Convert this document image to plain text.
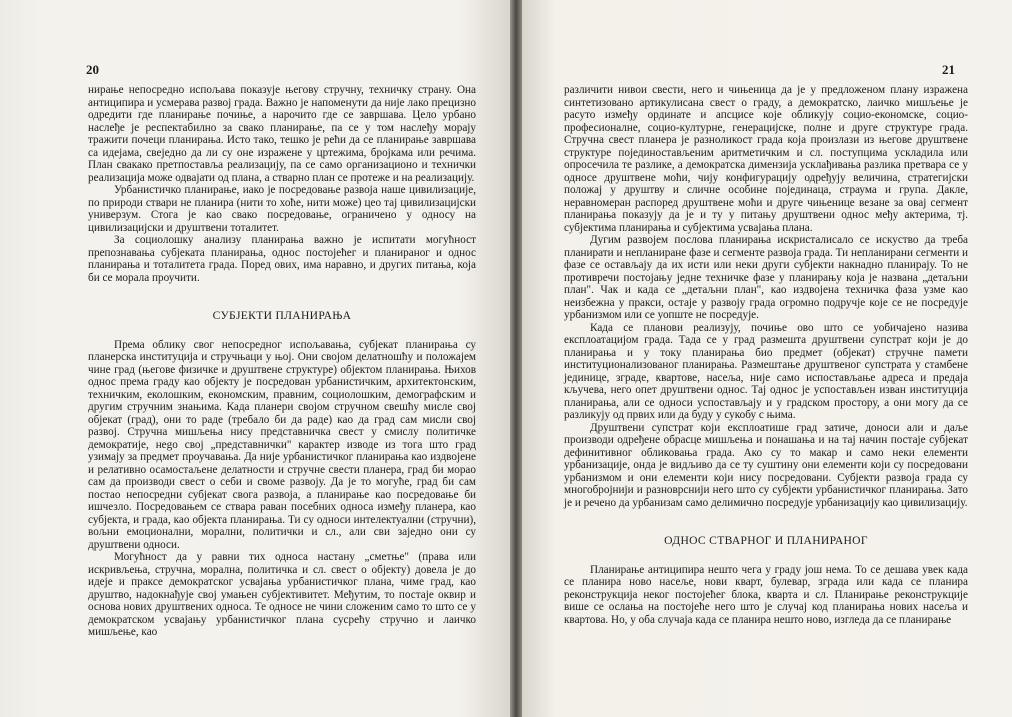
20

нирање непосредно испољава показује његову стручну, техничку страну. Она антиципира и усмерава развој града. Важно је напоменути да није лако прецизно одредити где планирање почиње, а нарочито где се завршава. Цело урбано наслеђе је респектабилно за свако планирање, па се у том наслеђу морају тражити почеци планирања. Исто тако, тешко је рећи да се планирање завршава са идејама, свеједно да ли су оне изражене у цртежима, бројкама или речима. План свакако претпоставља реализацију, па се само организационо и технички реализација може одвајати од плана, а стварно план се протеже и на реализацију.

Урбанистичко планирање, иако је посредовање развоја наше цивилизације, по природи ствари не планира (нити то хоће, нити може) цео тај цивилизацијски универзум. Стога је као свако посредовање, ограничено у односу на цивилизацијски и друштвени тоталитет.

За социолошку анализу планирања важно је испитати могућност препознавања субјеката планирања, однос постојећег и планираног и однос планирања и тоталитета града. Поред ових, има наравно, и других питања, која би се морала проучити.

СУБЈЕКТИ ПЛАНИРАЊА

Према облику свог непосредног испољавања, субјекат планирања су планерска институција и стручњаци у њој. Они својом делатношћу и положајем чине град (његове физичке и друштвене структуре) објектом планирања. Њихов однос према граду као објекту је посредован урбанистичким, архитектонским, техничким, еколошким, економским, правним, социолошким, демографским и другим стручним знањима. Када планери својом стручном свешћу мисле свој објекат (град), они то раде (требало би да раде) као да град сам мисли свој развој. Стручна мишљења нису представничка свест у смислу политичке демократије, нego свој „представнички" карактер изводе из тога што град узимају за предмет проучавања. Да није урбанистичког планирања као издвојене и релативно осамостаљене делатности и стручне свести планера, град би морао сам да производи свест о себи и своме развоју. Да је то могуће, град би сам постао непосредни субјекат свога развоја, а планирање као посредовање би ишчезло. Посредовањем се ствара раван посебних односа између планера, као субјекта, и града, као објекта планирања. Ти су односи интелектуални (стручни), вољни емоционални, морални, политички и сл., али сви заједно они су друштвени односи.

Могућност да у равни тих односа настану „сметње" (права или искривљења, стручна, морална, политичка и сл. свест о објекту) довела је до идеје и праксе демократског усвајања урбанистичког плана, чиме град, као друштво, надокнађује свој умањен субјективитет. Међутим, то постаје оквир и основа нових друштвених односа. Те односе не чини сложеним само то што се у демократском усвајању урбанистичког плана сусрећу стручно и лаичко мишљење, као

21

различити нивои свести, него и чињеница да је у предложеном плану изражена синтетизовано артикулисана свест о граду, а демократско, лаичко мишљење је расуто између ординате и апсцисе које обликују социо-економске, социо-професионалне, социо-културне, генерацијске, полне и друге структуре града. Стручна свест планера је разноликост града која произлази из његове друштвене структуре појединостављеним аритметичким и сл. поступцима ускладила или опросечила те разлике, а демократска димензија усклађивања разлика претвара се у односе друштвене моћи, чију конфигурацију одређују величина, стратегијски положај у друштву и сличне особине појединаца, страума и група. Дакле, неравномеран распоред друштвене моћи и друге чињенице везане за овај сегмент планирања показују да је и ту у питању друштвени однос међу актерима, тј. субјектима планирања и субјектима усвајања плана.

Дугим развојем пословa планирања искристалисало се искуство да треба планирати и непланиране фазе и сегменте развоја града. Ти непланирани сегменти и фазе се остављају да их исти или неки други субјекти накнадно планирају. То не противречи постојању једне техничке фазе у планирању која је названа „детаљни план". Чак и када се „детаљни план", као издвојена техничка фаза узме као неизбежна у пракси, остаје у развоју града огромно подручје које се не посредује урбанизмом или се уопште не посредује.

Када се планови реализују, почиње ово што се уобичајено назива експлоатацијом града. Тада се у град размешта друштвени супстрат који је до планирања и у току планирања био предмет (објекат) стручне памети институционализованог планирања. Размештање друштвеног супстрата у стамбене јединице, зграде, квартове, насеља, није само испостављање адреса и предаја кључева, него опет друштвени однос. Тај однос је успостављен изван институција планирања, али се односи успостављају и у градском простору, а они могу да се разликују од првих или да буду у сукобу с њима.

Друштвени супстрат који експлоатише град затиче, доноси али и даље производи одређене обрасце мишљења и понашања и на тај начин постаје субјекат дефинитивног обликовања града. Ако су то макар и само неки елементи урбанизације, онда је видљиво да се ту суштину они елементи који су посредовани урбанизмом и они елементи који нису посредовани. Субјекти развоја града су многобројнији и разноврснији него што су субјекти урбанистичког планирања. Зато је и речено да урбанизам само делимично посредује урбанизацију као цивилизацију.

ОДНОС СТВАРНОГ И ПЛАНИРАНОГ

Планирање антиципира нешто чега у граду још нема. То се дешава увек када се планира ново насеље, нови кварт, булевар, зграда или када се планира реконструкција неког постојећег блока, кварта и сл. Планирање реконструкције више се ослања на постојеће него што је случај код планирања нових насеља и квартова. Но, у оба случаја када се планира нешто ново, изгледа да се планирање
